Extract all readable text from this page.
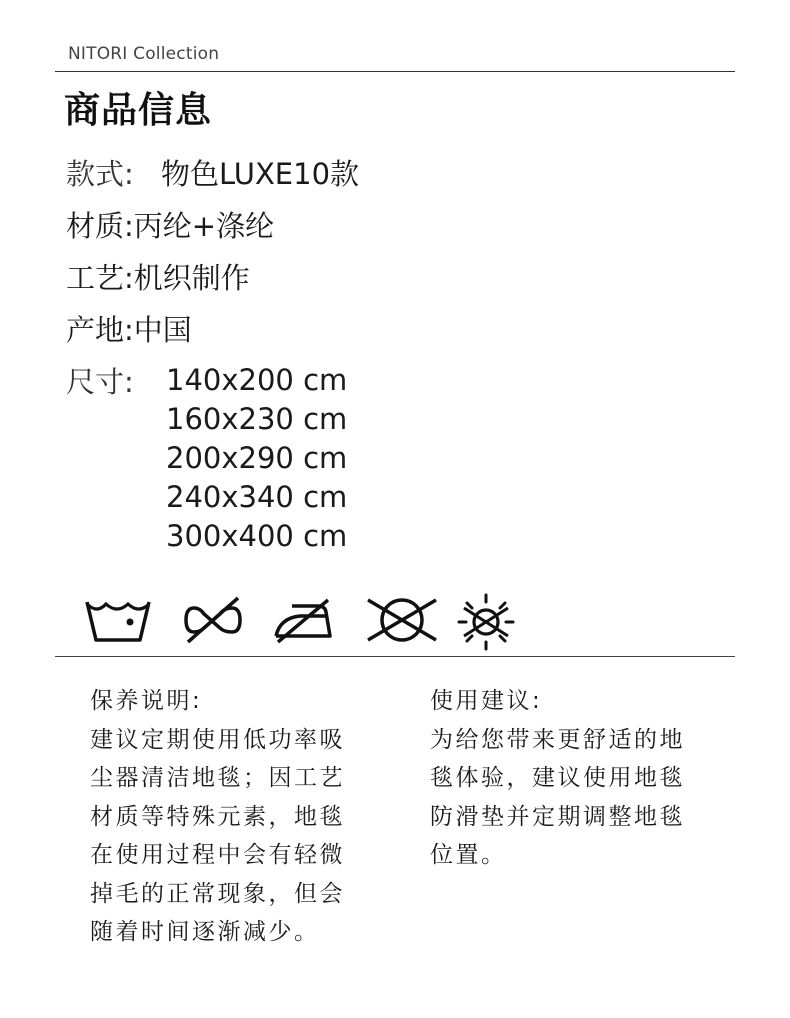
NITORI Collection
商品信息
款式: 物色LUXE10款
材质:丙纶+涤纶
工艺:机织制作
产地:中国
尺寸: 140x200 cm
160x230 cm
200x290 cm
240x340 cm
300x400 cm
保养说明:
建议定期使用低功率吸
尘器清洁地毯；因工艺
材质等特殊元素，地毯
在使用过程中会有轻微
掉毛的正常现象，但会
随着时间逐渐减少。
使用建议:
为给您带来更舒适的地
毯体验，建议使用地毯
防滑垫并定期调整地毯
位置。
